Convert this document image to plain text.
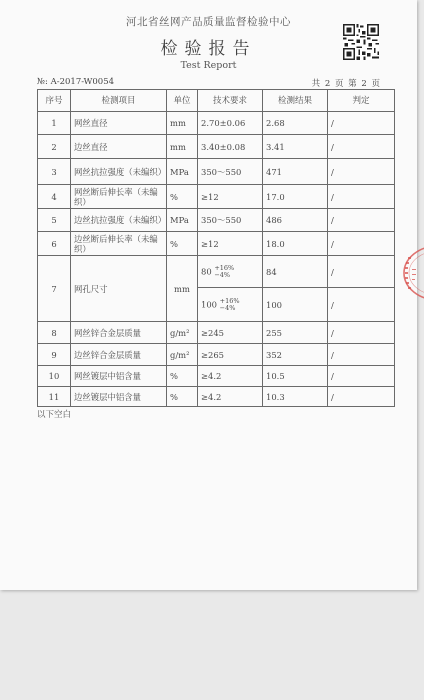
河北省丝网产品质量监督检验中心
检验报告
Test Report
№: A-2017-W0054	共 2 页 第 2 页
序号	检测项目	单位	技术要求	检测结果	判定
1	网丝直径	mm	2.70±0.06	2.68	/
2	边丝直径	mm	3.40±0.08	3.41	/
3	网丝抗拉强度（未编织）	MPa	350～550	471	/
4	网丝断后伸长率（未编织）	%	≥12	17.0	/
5	边丝抗拉强度（未编织）	MPa	350～550	486	/
6	边丝断后伸长率（未编织）	%	≥12	18.0	/
7	网孔尺寸	mm	80 +16%
−4%	84	/
			100 +16%
−4%	100	/
8	网丝锌合金层质量	g/m²	≥245	255	/
9	边丝锌合金层质量	g/m²	≥265	352	/
10	网丝镀层中铝含量	%	≥4.2	10.5	/
11	边丝镀层中铝含量	%	≥4.2	10.3	/
以下空白
